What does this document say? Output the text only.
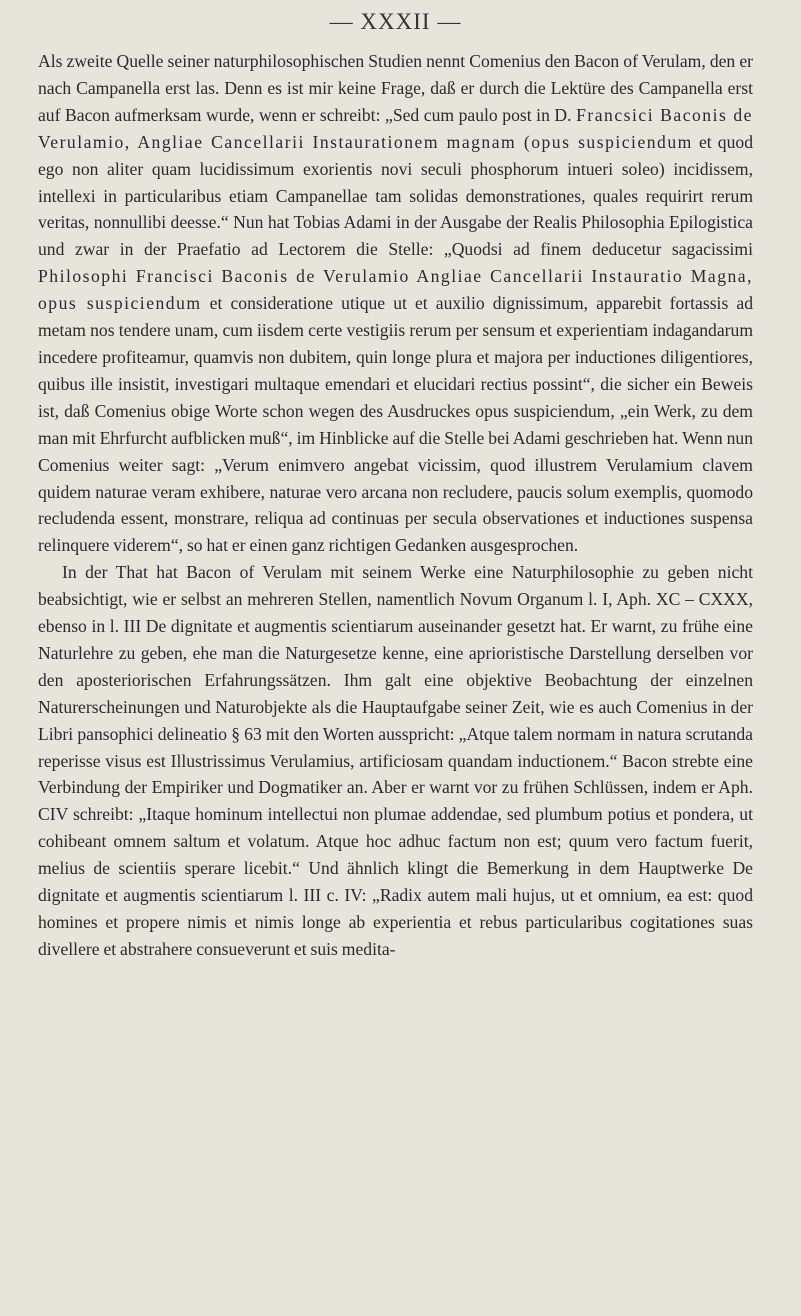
— XXXII —

Als zweite Quelle seiner naturphilosophischen Studien nennt Comenius den Bacon of Verulam, den er nach Campanella erst las. Denn es ist mir keine Frage, daß er durch die Lektüre des Campanella erst auf Bacon aufmerksam wurde, wenn er schreibt: „Sed cum paulo post in D. Francsici Baconis de Verulamio, Angliae Cancellarii Instaurationem magnam (opus suspiciendum et quod ego non aliter quam lucidissimum exorientis novi seculi phosphorum intueri soleo) incidissem, intellexi in particularibus etiam Campanellae tam solidas demonstrationes, quales requirirt rerum veritas, nonnullibi deesse.“ Nun hat Tobias Adami in der Ausgabe der Realis Philosophia Epilogistica und zwar in der Praefatio ad Lectorem die Stelle: „Quodsi ad finem deducetur sagacissimi Philosophi Francisci Baconis de Verulamio Angliae Cancellarii Instauratio Magna, opus suspiciendum et consideratione utique ut et auxilio dignissimum, apparebit fortassis ad metam nos tendere unam, cum iisdem certe vestigiis rerum per sensum et experientiam indagandarum incedere profiteamur, quamvis non dubitem, quin longe plura et majora per inductiones diligentiores, quibus ille insistit, investigari multaque emendari et elucidari rectius possint“, die sicher ein Beweis ist, daß Comenius obige Worte schon wegen des Ausdruckes opus suspiciendum, „ein Werk, zu dem man mit Ehrfurcht aufblicken muß“, im Hinblicke auf die Stelle bei Adami geschrieben hat. Wenn nun Comenius weiter sagt: „Verum enimvero angebat vicissim, quod illustrem Verulamium clavem quidem naturae veram exhibere, naturae vero arcana non recludere, paucis solum exemplis, quomodo recludenda essent, monstrare, reliqua ad continuas per secula observationes et inductiones suspensa relinquere viderem“, so hat er einen ganz richtigen Gedanken ausgesprochen.

In der That hat Bacon of Verulam mit seinem Werke eine Naturphilosophie zu geben nicht beabsichtigt, wie er selbst an mehreren Stellen, namentlich Novum Organum l. I, Aph. XC – CXXX, ebenso in l. III De dignitate et augmentis scientiarum auseinander gesetzt hat. Er warnt, zu frühe eine Naturlehre zu geben, ehe man die Naturgesetze kenne, eine aprioristische Darstellung derselben vor den aposteriorischen Erfahrungssätzen. Ihm galt eine objektive Beobachtung der einzelnen Naturerscheinungen und Naturobjekte als die Hauptaufgabe seiner Zeit, wie es auch Comenius in der Libri pansophici delineatio § 63 mit den Worten ausspricht: „Atque talem normam in natura scrutanda reperisse visus est Illustrissimus Verulamius, artificiosam quandam inductionem.“ Bacon strebte eine Verbindung der Empiriker und Dogmatiker an. Aber er warnt vor zu frühen Schlüssen, indem er Aph. CIV schreibt: „Itaque hominum intellectui non plumae addendae, sed plumbum potius et pondera, ut cohibeant omnem saltum et volatum. Atque hoc adhuc factum non est; quum vero factum fuerit, melius de scientiis sperare licebit.“ Und ähnlich klingt die Bemerkung in dem Hauptwerke De dignitate et augmentis scientiarum l. III c. IV: „Radix autem mali hujus, ut et omnium, ea est: quod homines et propere nimis et nimis longe ab experientia et rebus particularibus cogitationes suas divellere et abstrahere consueverunt et suis medita-
